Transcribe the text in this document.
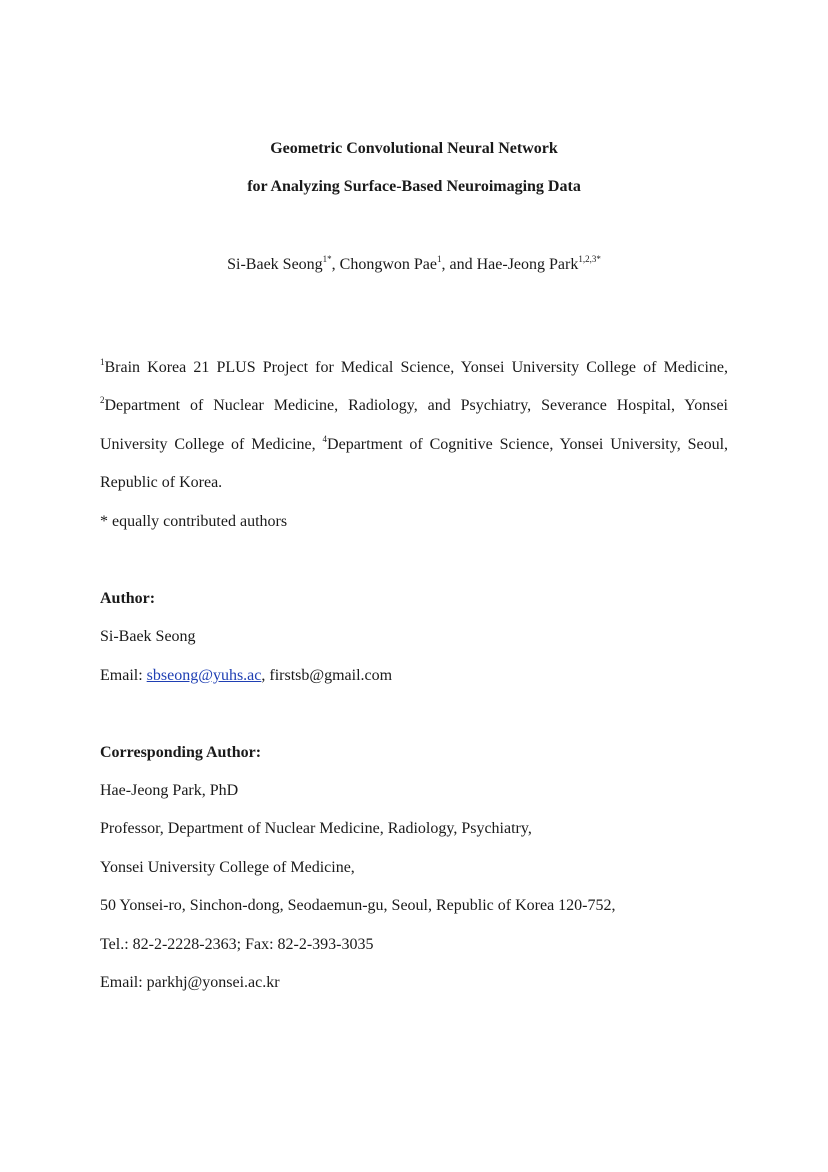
Geometric Convolutional Neural Network
for Analyzing Surface-Based Neuroimaging Data
Si-Baek Seong$^{1*}$, Chongwon Pae$^1$, and Hae-Jeong Park$^{1,2,3*}$
$^1$Brain Korea 21 PLUS Project for Medical Science, Yonsei University College of Medicine,
$^2$Department of Nuclear Medicine, Radiology, and Psychiatry, Severance Hospital, Yonsei
University College of Medicine, $^4$Department of Cognitive Science, Yonsei University, Seoul,
Republic of Korea.
* equally contributed authors
Author:
Si-Baek Seong
Email: sbseong@yuhs.ac, firstsb@gmail.com
Corresponding Author:
Hae-Jeong Park, PhD
Professor, Department of Nuclear Medicine, Radiology, Psychiatry,
Yonsei University College of Medicine,
50 Yonsei-ro, Sinchon-dong, Seodaemun-gu, Seoul, Republic of Korea 120-752,
Tel.: 82-2-2228-2363; Fax: 82-2-393-3035
Email: parkhj@yonsei.ac.kr
